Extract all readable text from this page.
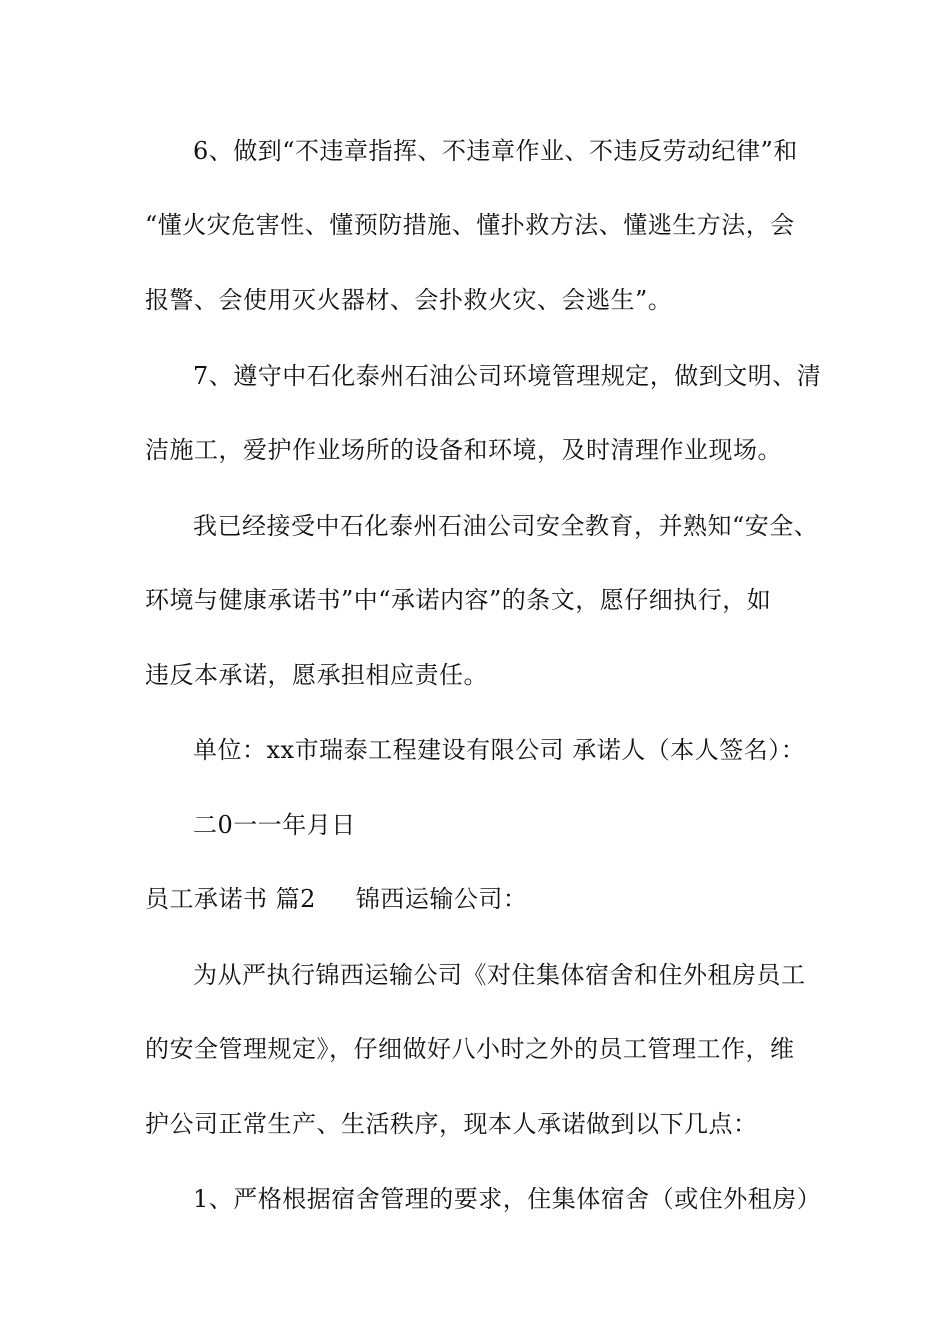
6、做到“不违章指挥、不违章作业、不违反劳动纪律”和
“懂火灾危害性、懂预防措施、懂扑救方法、懂逃生方法，会
报警、会使用灭火器材、会扑救火灾、会逃生”。
7、遵守中石化泰州石油公司环境管理规定，做到文明、清
洁施工，爱护作业场所的设备和环境，及时清理作业现场。
我已经接受中石化泰州石油公司安全教育，并熟知“安全、
环境与健康承诺书”中“承诺内容”的条文，愿仔细执行，如
违反本承诺，愿承担相应责任。
单位：xx市瑞泰工程建设有限公司 承诺人（本人签名）：
二0一一年月日
员工承诺书 篇2 锦西运输公司：
为从严执行锦西运输公司《对住集体宿舍和住外租房员工
的安全管理规定》，仔细做好八小时之外的员工管理工作，维
护公司正常生产、生活秩序，现本人承诺做到以下几点：
1、严格根据宿舍管理的要求，住集体宿舍（或住外租房）
